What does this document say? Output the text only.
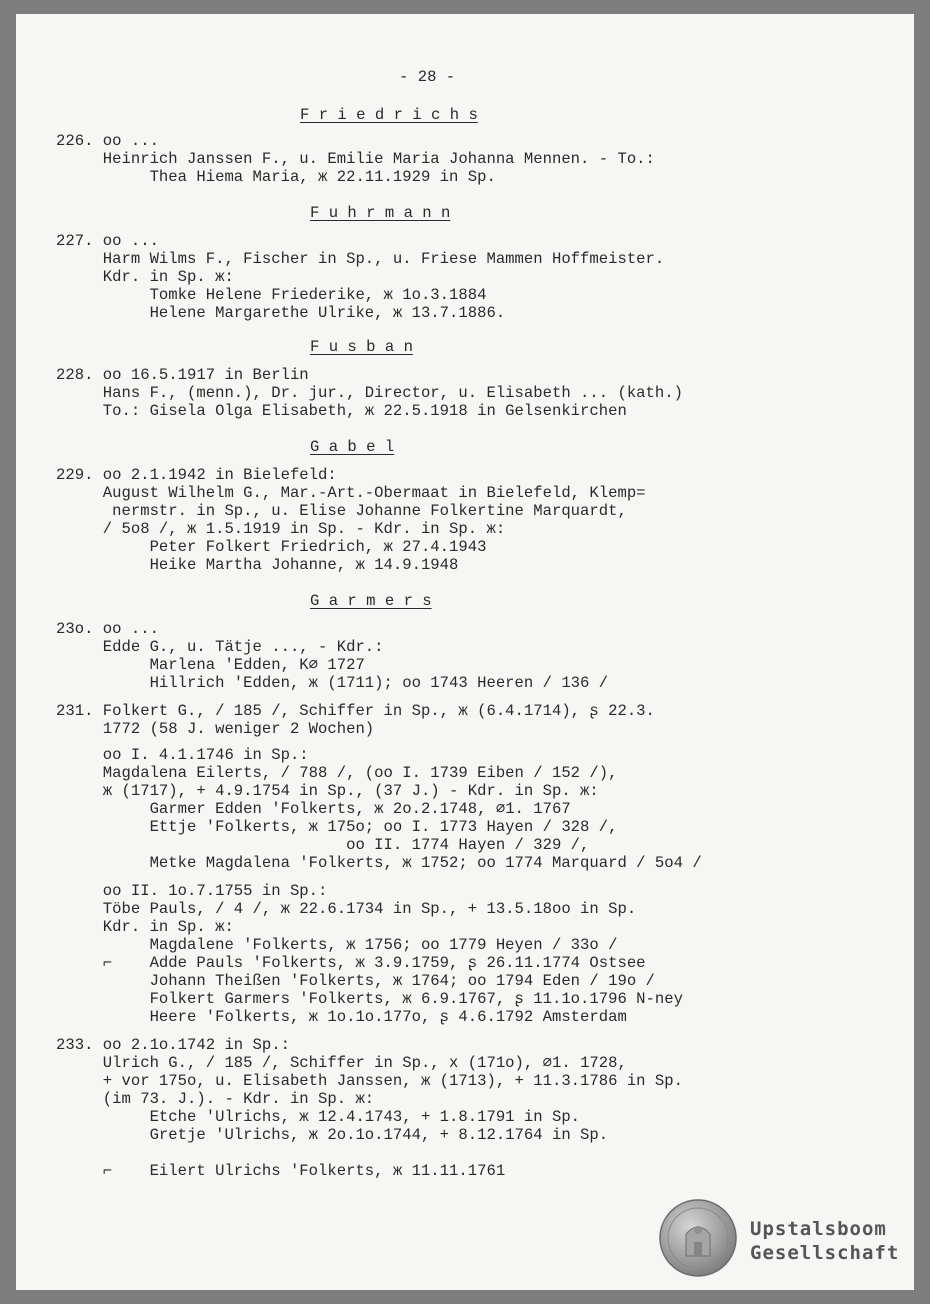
- 28 -
F r i e d r i c h s
226. oo ...
Heinrich Janssen F., u. Emilie Maria Johanna Mennen. - To.:
Thea Hiema Maria, ж 22.11.1929 in Sp.
F u h r m a n n
227. oo ...
Harm Wilms F., Fischer in Sp., u. Friese Mammen Hoffmeister.
Kdr. in Sp. ж:
Tomke Helene Friederike, ж 1o.3.1884
Helene Margarethe Ulrike, ж 13.7.1886.
F u s b a n
228. oo 16.5.1917 in Berlin
Hans F., (menn.), Dr. jur., Director, u. Elisabeth ... (kath.)
To.: Gisela Olga Elisabeth, ж 22.5.1918 in Gelsenkirchen
G a b e l
229. oo 2.1.1942 in Bielefeld:
August Wilhelm G., Mar.-Art.-Obermaat in Bielefeld, Klemp=
nermstr. in Sp., u. Elise Johanne Folkertine Marquardt,
/ 5o8 /, ж 1.5.1919 in Sp. - Kdr. in Sp. ж:
Peter Folkert Friedrich, ж 27.4.1943
Heike Martha Johanne, ж 14.9.1948
G a r m e r s
23o. oo ...
Edde G., u. Tätje ..., - Kdr.:
Marlena 'Edden, K∅ 1727
Hillrich 'Edden, ж (1711); oo 1743 Heeren / 136 /
231. Folkert G., / 185 /, Schiffer in Sp., ж (6.4.1714), ʂ 22.3.
1772 (58 J. weniger 2 Wochen)
oo I. 4.1.1746 in Sp.:
Magdalena Eilerts, / 788 /, (oo I. 1739 Eiben / 152 /),
ж (1717), + 4.9.1754 in Sp., (37 J.) - Kdr. in Sp. ж:
Garmer Edden 'Folkerts, ж 2o.2.1748, ∅1. 1767
Ettje 'Folkerts, ж 175o; oo I. 1773 Hayen / 328 /,
oo II. 1774 Hayen / 329 /,
Metke Magdalena 'Folkerts, ж 1752; oo 1774 Marquard / 5o4 /
oo II. 1o.7.1755 in Sp.:
Töbe Pauls, / 4 /, ж 22.6.1734 in Sp., + 13.5.18oo in Sp.
Kdr. in Sp. ж:
Magdalene 'Folkerts, ж 1756; oo 1779 Heyen / 33o /
⌐    Adde Pauls 'Folkerts, ж 3.9.1759, ʂ 26.11.1774 Ostsee
Johann Theißen 'Folkerts, ж 1764; oo 1794 Eden / 19o /
Folkert Garmers 'Folkerts, ж 6.9.1767, ʂ 11.1o.1796 N-ney
Heere 'Folkerts, ж 1o.1o.177o, ʂ 4.6.1792 Amsterdam
233. oo 2.1o.1742 in Sp.:
Ulrich G., / 185 /, Schiffer in Sp., x (171o), ∅1. 1728,
+ vor 175o, u. Elisabeth Janssen, ж (1713), + 11.3.1786 in Sp.
(im 73. J.). - Kdr. in Sp. ж:
Etche 'Ulrichs, ж 12.4.1743, + 1.8.1791 in Sp.
Gretje 'Ulrichs, ж 2o.1o.1744, + 8.12.1764 in Sp.
⌐    Eilert Ulrichs 'Folkerts, ж 11.11.1761
Upstalsboom
Gesellschaft
